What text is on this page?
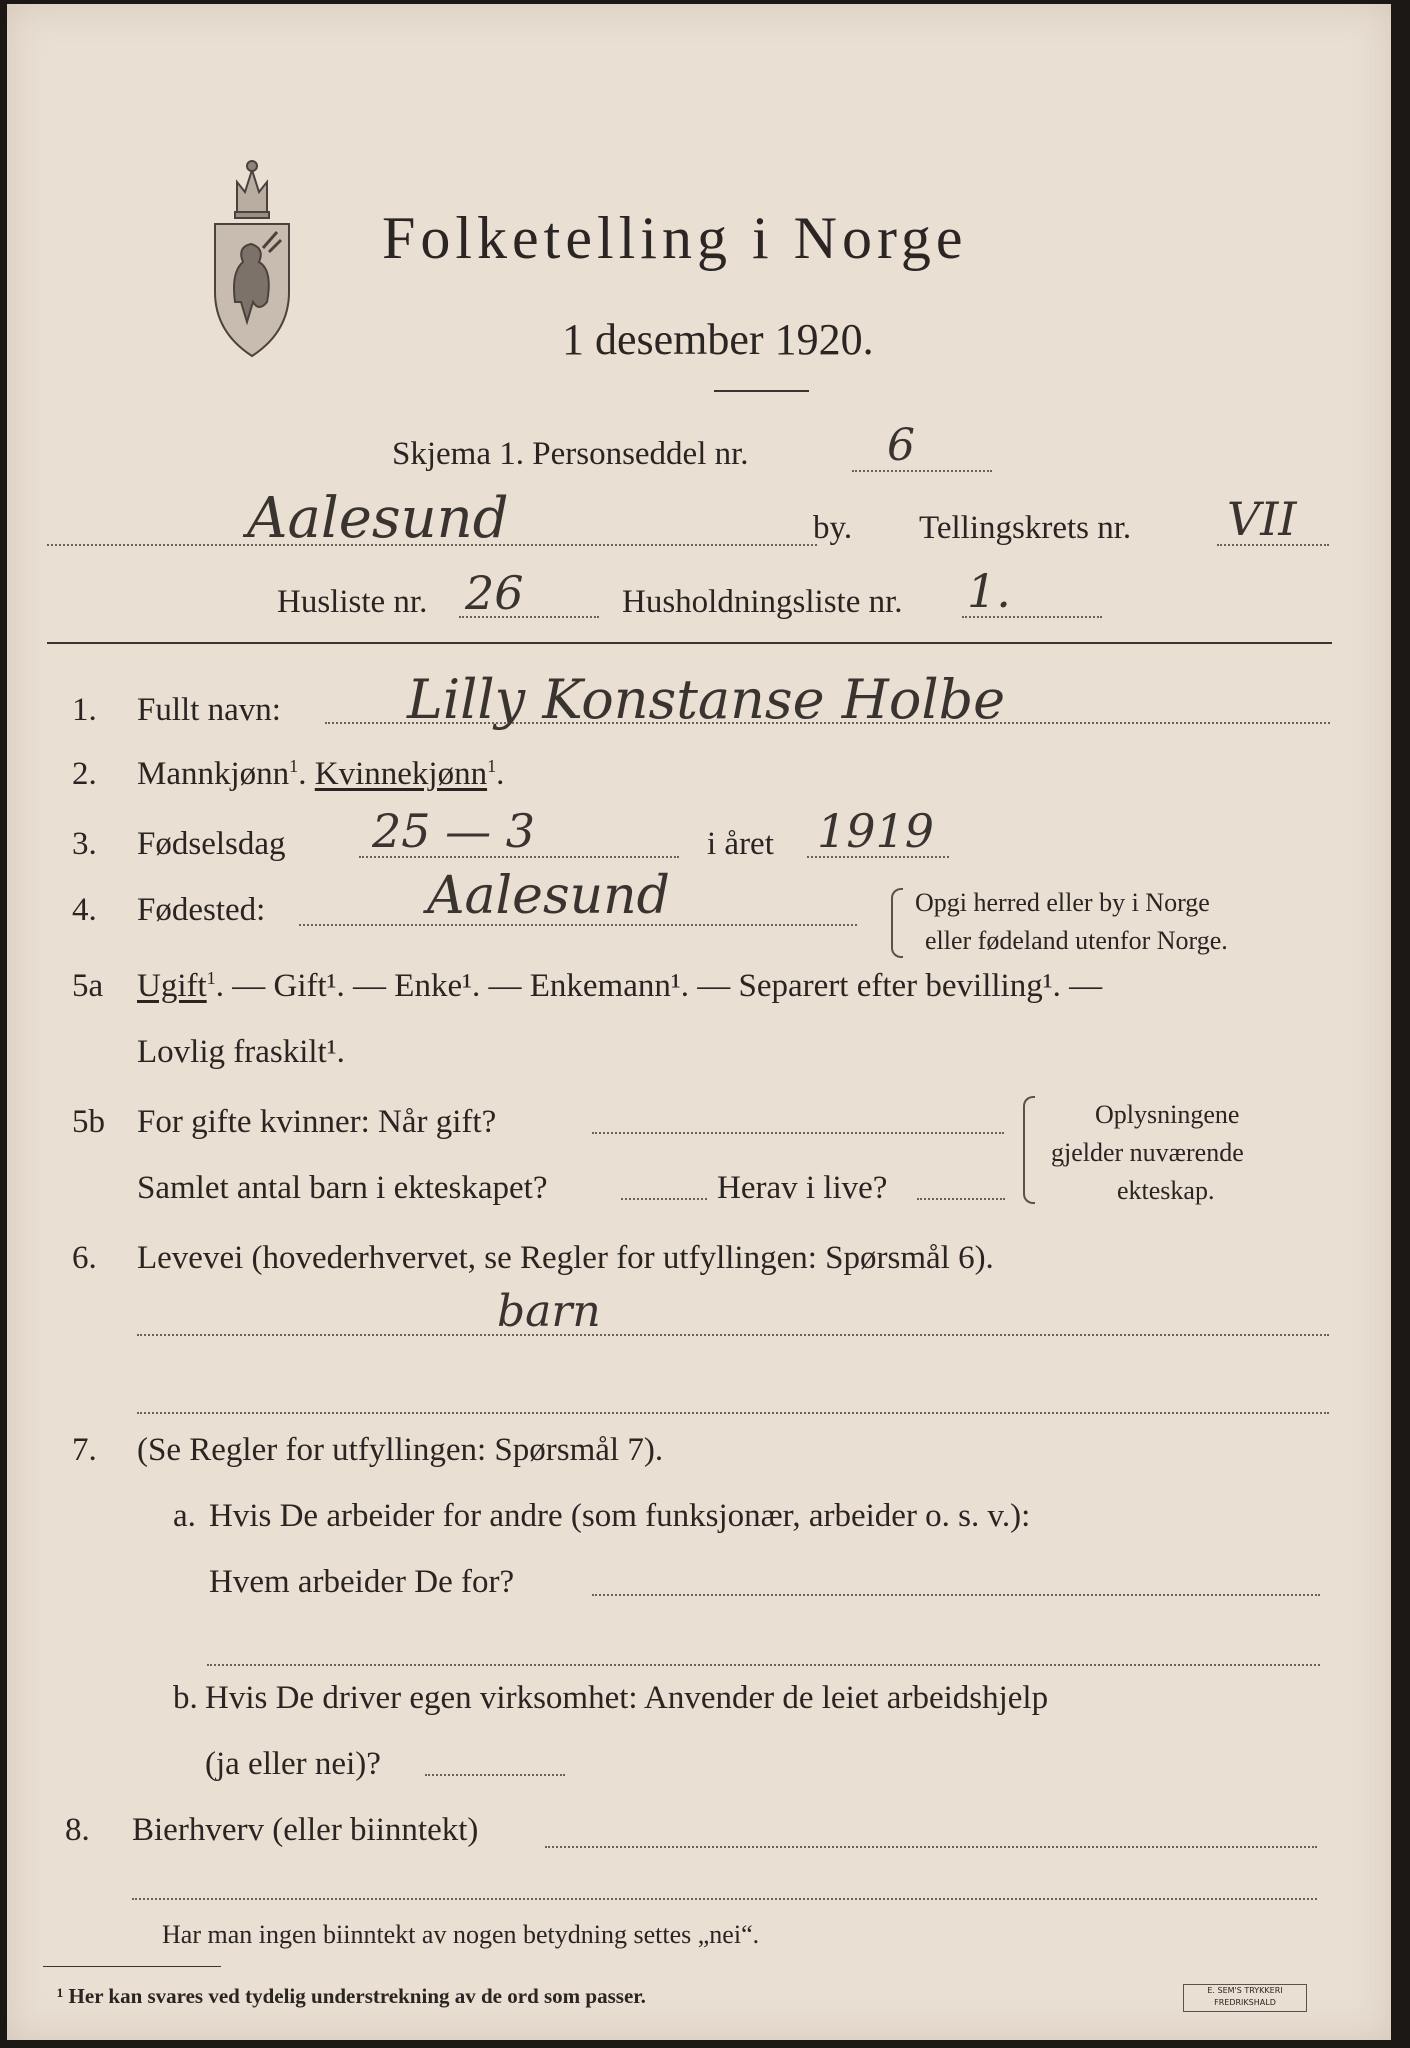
Folketelling i Norge
1 desember 1920.
Skjema 1. Personseddel nr.	6
Aalesund	by. Tellingskrets nr. VII
Husliste nr. 26	Husholdningsliste nr. 1.
1. Fullt navn: Lilly Konstanse Holbe
2. Mannkjønn$^1$. Kvinnekjønn$^1$.
3. Fødselsdag 25 — 3	i året 1919
4. Fødested:	Aalesund	Opgi herred eller by i Norge
eller fødeland utenfor Norge.
5a Ugift$^1$. — Gift¹. — Enke¹. — Enkemann¹. — Separert efter bevilling¹. —
Lovlig fraskilt¹.
5b For gifte kvinner: Når gift?
Samlet antal barn i ekteskapet?	Herav i live?
Oplysningene
gjelder nuværende
ekteskap.
6. Levevei (hovederhvervet, se Regler for utfyllingen: Spørsmål 6).
barn
7. (Se Regler for utfyllingen: Spørsmål 7).
a. Hvis De arbeider for andre (som funksjonær, arbeider o. s. v.):
Hvem arbeider De for?
b. Hvis De driver egen virksomhet: Anvender de leiet arbeidshjelp
(ja eller nei)?
8. Bierhverv (eller biinntekt)
Har man ingen biinntekt av nogen betydning settes „nei“.
¹ Her kan svares ved tydelig understrekning av de ord som passer.	E. SEM'S TRYKKERI
FREDRIKSHALD
